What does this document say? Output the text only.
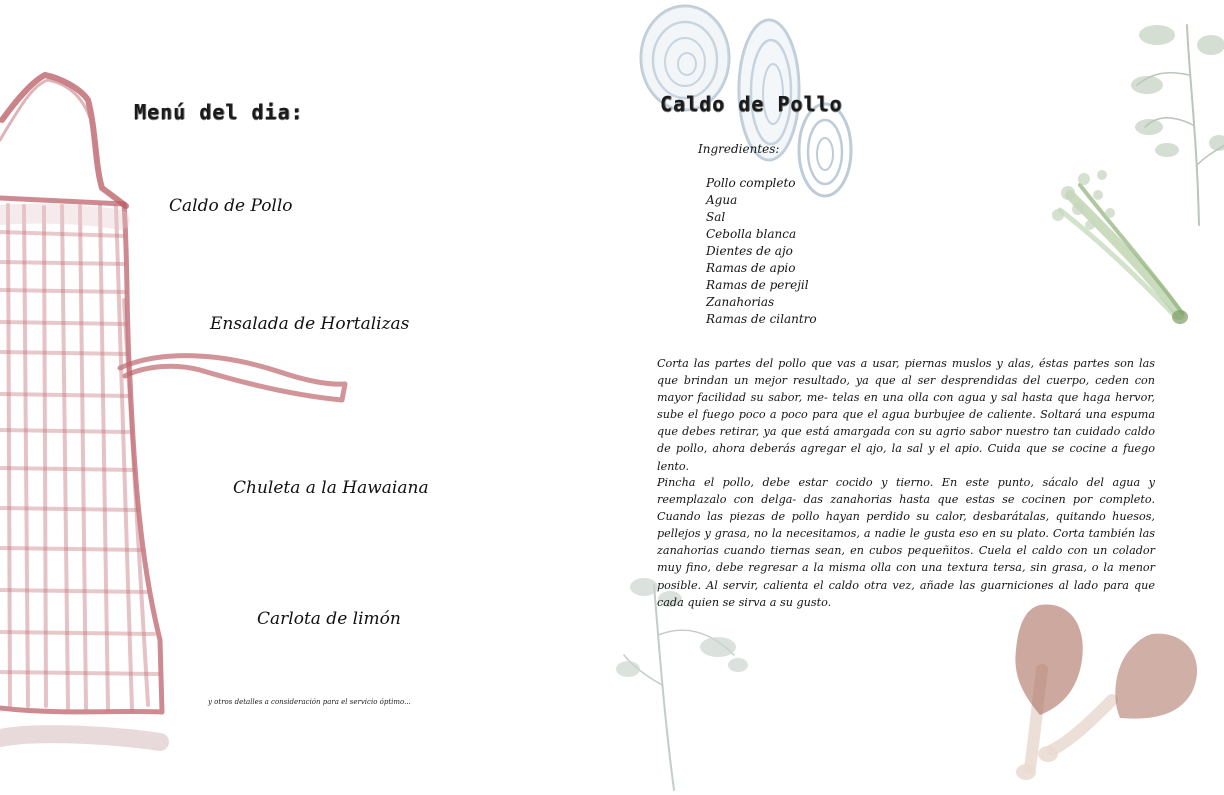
Menú del dia:
Caldo de Pollo
Ensalada de Hortalizas
Chuleta a la Hawaiana
Carlota de limón
y otros detalles a consideración para el servicio óptimo...
Caldo de Pollo
Ingredientes:
Pollo completo
Agua
Sal
Cebolla blanca
Dientes de ajo
Ramas de apio
Ramas de perejil
Zanahorias
Ramas de cilantro

Corta las partes del pollo que vas a usar, piernas muslos y alas, éstas partes son las que brindan un mejor resultado, ya que al ser desprendidas del cuerpo, ceden con mayor facilidad su sabor, me- telas en una olla con agua y sal hasta que haga hervor, sube el fuego poco a poco para que el agua burbujee de caliente. Soltará una espuma que debes retirar, ya que está amargada con su agrio sabor nuestro tan cuidado caldo de pollo, ahora deberás agregar el ajo, la sal y el apio. Cuida que se cocine a fuego lento.

Pincha el pollo, debe estar cocido y tierno. En este punto, sácalo del agua y reemplazalo con delga- das zanahorias hasta que estas se cocinen por completo. Cuando las piezas de pollo hayan perdido su calor, desbarátalas, quitando huesos, pellejos y grasa, no la necesitamos, a nadie le gusta eso en su plato. Corta también las zanahorias cuando tiernas sean, en cubos pequeñitos. Cuela el caldo con un colador muy fino, debe regresar a la misma olla con una textura tersa, sin grasa, o la menor posible. Al servir, calienta el caldo otra vez, añade las guarniciones al lado para que cada quien se sirva a su gusto.
